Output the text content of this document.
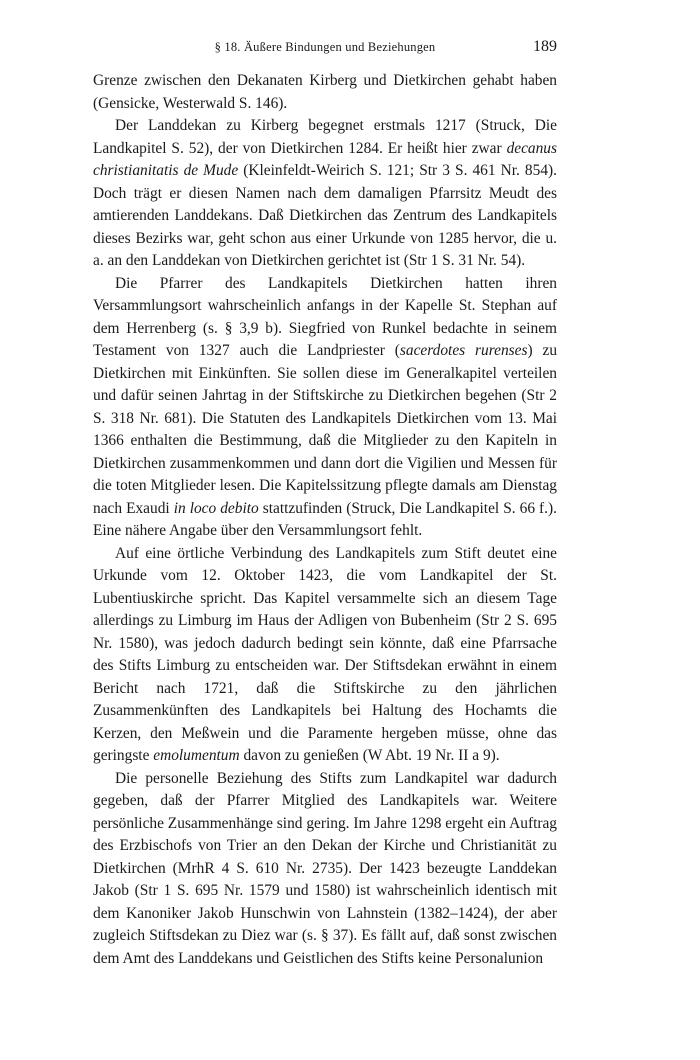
§ 18. Äußere Bindungen und Beziehungen	189

Grenze zwischen den Dekanaten Kirberg und Dietkirchen gehabt haben (Gensicke, Westerwald S. 146).

Der Landdekan zu Kirberg begegnet erstmals 1217 (Struck, Die Landkapitel S. 52), der von Dietkirchen 1284. Er heißt hier zwar decanus christianitatis de Mude (Kleinfeldt-Weirich S. 121; Str 3 S. 461 Nr. 854). Doch trägt er diesen Namen nach dem damaligen Pfarrsitz Meudt des amtierenden Landdekans. Daß Dietkirchen das Zentrum des Landkapitels dieses Bezirks war, geht schon aus einer Urkunde von 1285 hervor, die u. a. an den Landdekan von Dietkirchen gerichtet ist (Str 1 S. 31 Nr. 54).

Die Pfarrer des Landkapitels Dietkirchen hatten ihren Versammlungsort wahrscheinlich anfangs in der Kapelle St. Stephan auf dem Herrenberg (s. § 3,9 b). Siegfried von Runkel bedachte in seinem Testament von 1327 auch die Landpriester (sacerdotes rurenses) zu Dietkirchen mit Einkünften. Sie sollen diese im Generalkapitel verteilen und dafür seinen Jahrtag in der Stiftskirche zu Dietkirchen begehen (Str 2 S. 318 Nr. 681). Die Statuten des Landkapitels Dietkirchen vom 13. Mai 1366 enthalten die Bestimmung, daß die Mitglieder zu den Kapiteln in Dietkirchen zusammenkommen und dann dort die Vigilien und Messen für die toten Mitglieder lesen. Die Kapitelssitzung pflegte damals am Dienstag nach Exaudi in loco debito stattzufinden (Struck, Die Landkapitel S. 66 f.). Eine nähere Angabe über den Versammlungsort fehlt.

Auf eine örtliche Verbindung des Landkapitels zum Stift deutet eine Urkunde vom 12. Oktober 1423, die vom Landkapitel der St. Lubentiuskirche spricht. Das Kapitel versammelte sich an diesem Tage allerdings zu Limburg im Haus der Adligen von Bubenheim (Str 2 S. 695 Nr. 1580), was jedoch dadurch bedingt sein könnte, daß eine Pfarrsache des Stifts Limburg zu entscheiden war. Der Stiftsdekan erwähnt in einem Bericht nach 1721, daß die Stiftskirche zu den jährlichen Zusammenkünften des Landkapitels bei Haltung des Hochamts die Kerzen, den Meßwein und die Paramente hergeben müsse, ohne das geringste emolumentum davon zu genießen (W Abt. 19 Nr. II a 9).

Die personelle Beziehung des Stifts zum Landkapitel war dadurch gegeben, daß der Pfarrer Mitglied des Landkapitels war. Weitere persönliche Zusammenhänge sind gering. Im Jahre 1298 ergeht ein Auftrag des Erzbischofs von Trier an den Dekan der Kirche und Christianität zu Dietkirchen (MrhR 4 S. 610 Nr. 2735). Der 1423 bezeugte Landdekan Jakob (Str 1 S. 695 Nr. 1579 und 1580) ist wahrscheinlich identisch mit dem Kanoniker Jakob Hunschwin von Lahnstein (1382–1424), der aber zugleich Stiftsdekan zu Diez war (s. § 37). Es fällt auf, daß sonst zwischen dem Amt des Landdekans und Geistlichen des Stifts keine Personalunion
